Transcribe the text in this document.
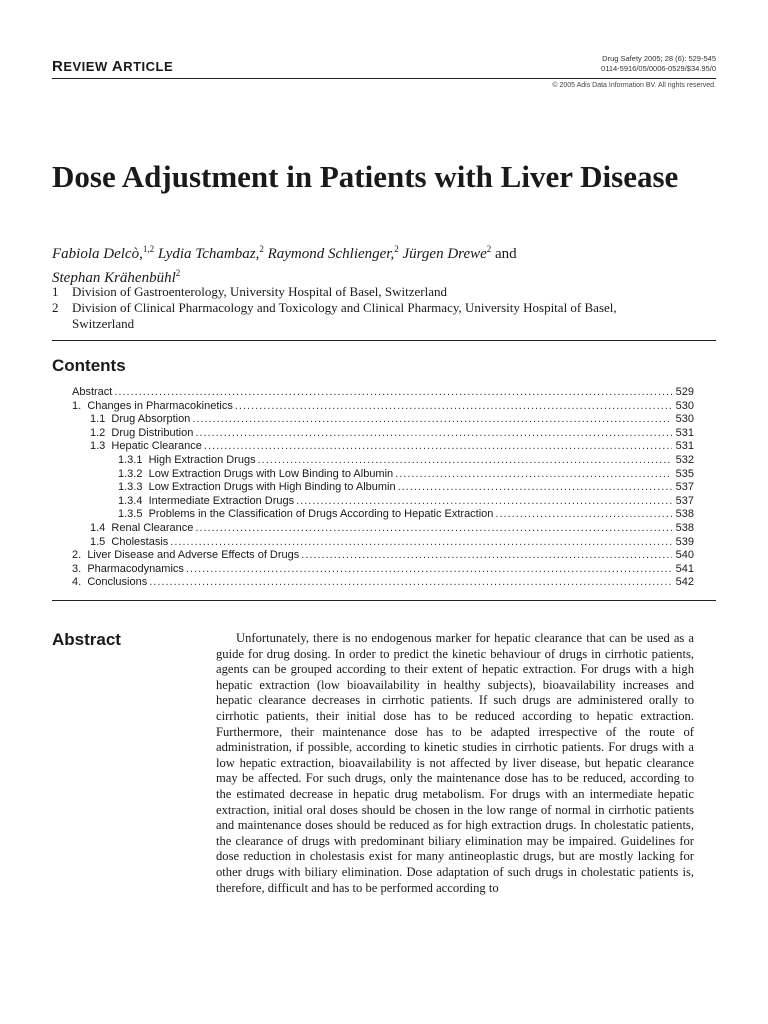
REVIEW ARTICLE
Drug Safety 2005; 28 (6): 529-545
0114-5916/05/0006-0529/$34.95/0
© 2005 Adis Data Information BV. All rights reserved.
Dose Adjustment in Patients with Liver Disease
Fabiola Delcò,$^{1,2}$ Lydia Tchambaz,$^2$ Raymond Schlienger,$^2$ Jürgen Drewe$^2$ and
Stephan Krähenbühl$^2$
1	Division of Gastroenterology, University Hospital of Basel, Switzerland
2	Division of Clinical Pharmacology and Toxicology and Clinical Pharmacy, University Hospital of Basel, Switzerland
Contents
Abstract .....	529
1. Changes in Pharmacokinetics .....	530
1.1 Drug Absorption .....	530
1.2 Drug Distribution .....	531
1.3 Hepatic Clearance .....	531
1.3.1 High Extraction Drugs .....	532
1.3.2 Low Extraction Drugs with Low Binding to Albumin .....	535
1.3.3 Low Extraction Drugs with High Binding to Albumin .....	537
1.3.4 Intermediate Extraction Drugs .....	537
1.3.5 Problems in the Classification of Drugs According to Hepatic Extraction .....	538
1.4 Renal Clearance .....	538
1.5 Cholestasis .....	539
2. Liver Disease and Adverse Effects of Drugs .....	540
3. Pharmacodynamics .....	541
4. Conclusions .....	542
Abstract	Unfortunately, there is no endogenous marker for hepatic clearance that can be used as a guide for drug dosing. In order to predict the kinetic behaviour of drugs in cirrhotic patients, agents can be grouped according to their extent of hepatic extraction. For drugs with a high hepatic extraction (low bioavailability in healthy subjects), bioavailability increases and hepatic clearance decreases in cirrhotic patients. If such drugs are administered orally to cirrhotic patients, their initial dose has to be reduced according to hepatic extraction. Furthermore, their maintenance dose has to be adapted irrespective of the route of administration, if possible, according to kinetic studies in cirrhotic patients. For drugs with a low hepatic extraction, bioavailability is not affected by liver disease, but hepatic clearance may be affected. For such drugs, only the maintenance dose has to be reduced, according to the estimated decrease in hepatic drug metabolism. For drugs with an intermediate hepatic extraction, initial oral doses should be chosen in the low range of normal in cirrhotic patients and maintenance doses should be reduced as for high extraction drugs. In cholestatic patients, the clearance of drugs with predominant biliary elimination may be impaired. Guidelines for dose reduction in cholestasis exist for many antineoplastic drugs, but are mostly lacking for other drugs with biliary elimination. Dose adaptation of such drugs in cholestatic patients is, therefore, difficult and has to be performed according to
